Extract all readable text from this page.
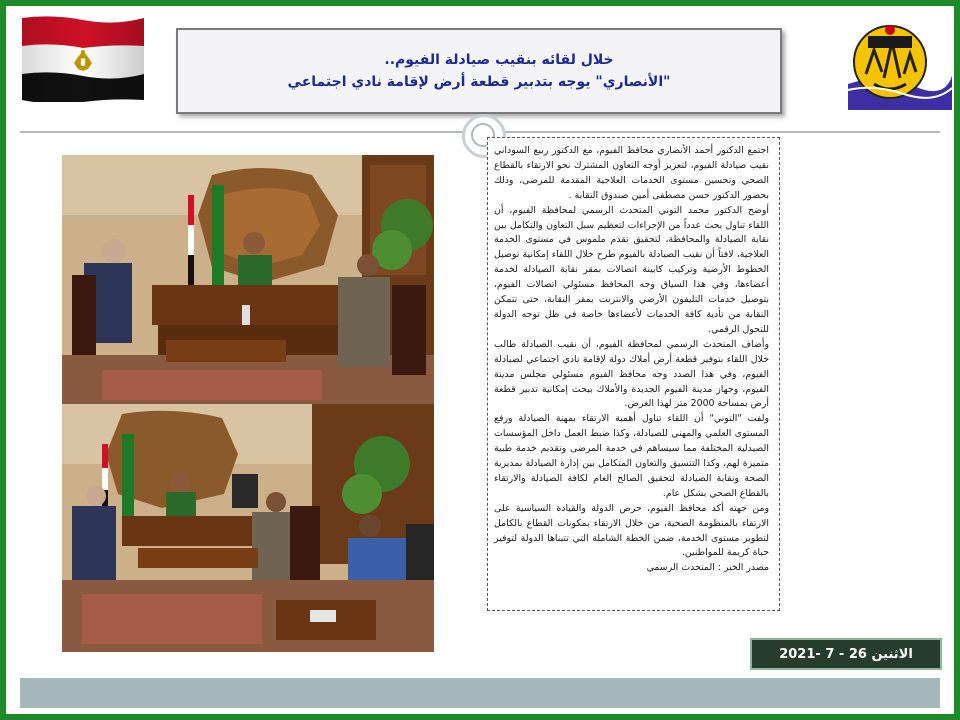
خلال لقائه بنقيب صيادلة الفيوم..
"الأنصاري" يوجه بتدبير قطعة أرض لإقامة نادي اجتماعي

اجتمع الدكتور أحمد الأنصاري محافظ الفيوم، مع الدكتور ربيع السوداني نقيب صيادلة الفيوم، لتعزيز أوجه التعاون المشترك نحو الارتقاء بالقطاع الصحي وتحسين مستوى الخدمات العلاجية المقدمة للمرضى، وذلك بحضور الدكتور حسن مصطفى أمين صندوق النقابة .

أوضح الدكتور محمد التوني المتحدث الرسمي لمحافظة الفيوم، أن اللقاء تناول بحث عدداً من الإجراءات لتعظيم سبل التعاون والتكامل بين نقابة الصيادلة والمحافظة، لتحقيق تقدم ملموس في مستوى الخدمة العلاجية، لافتاً أن نقيب الصيادلة بالفيوم طرح خلال اللقاء إمكانية توصيل الخطوط الأرضية وتركيب كابينة اتصالات بمقر نقابة الصيادلة لخدمة أعضاءها، وفي هذا السياق وجه المحافظ مسئولي اتصالات الفيوم، بتوصيل خدمات التليفون الأرضي والانترنت بمقر النقابة، حتى تتمكن النقابة من تأدية كافة الخدمات لأعضاءها خاصة في ظل توجه الدولة للتحول الرقمي.

وأضاف المتحدث الرسمي لمحافظة الفيوم، أن نقيب الصيادلة طالب خلال اللقاء بتوفير قطعة أرض أملاك دولة لإقامة نادي اجتماعي لصيادلة الفيوم، وفي هذا الصدد وجه محافظ الفيوم مسئولي مجلس مدينة الفيوم، وجهاز مدينة الفيوم الجديدة والأملاك ببحث إمكانية تدبير قطعة أرض بمساحة 2000 متر لهذا الغرض.

ولفت "التوني" أن اللقاء تناول أهمية الارتقاء بمهنة الصيادلة ورفع المستوى العلمي والمهني للصيادلة، وكذا ضبط العمل داخل المؤسسات الصيدلية المختلفة مما سيساهم في خدمة المرضى وتقديم خدمة طبية متميزة لهم، وكذا التنسيق والتعاون المتكامل بين إدارة الصيادلة بمديرية الصحة ونقابة الصيادلة لتحقيق الصالح العام لكافة الصيادلة والارتقاء بالقطاع الصحي بشكل عام.

ومن جهته أكد محافظ الفيوم، حرص الدولة والقيادة السياسية على الارتقاء بالمنظومة الصحية، من خلال الارتقاء بمكونات القطاع بالكامل لتطوير مستوى الخدمة، ضمن الخطة الشاملة التي تتبناها الدولة لتوفير حياة كريمة للمواطنين.

مصدر الخبر : المتحدث الرسمي

الاثنين 26 - 7 -2021
